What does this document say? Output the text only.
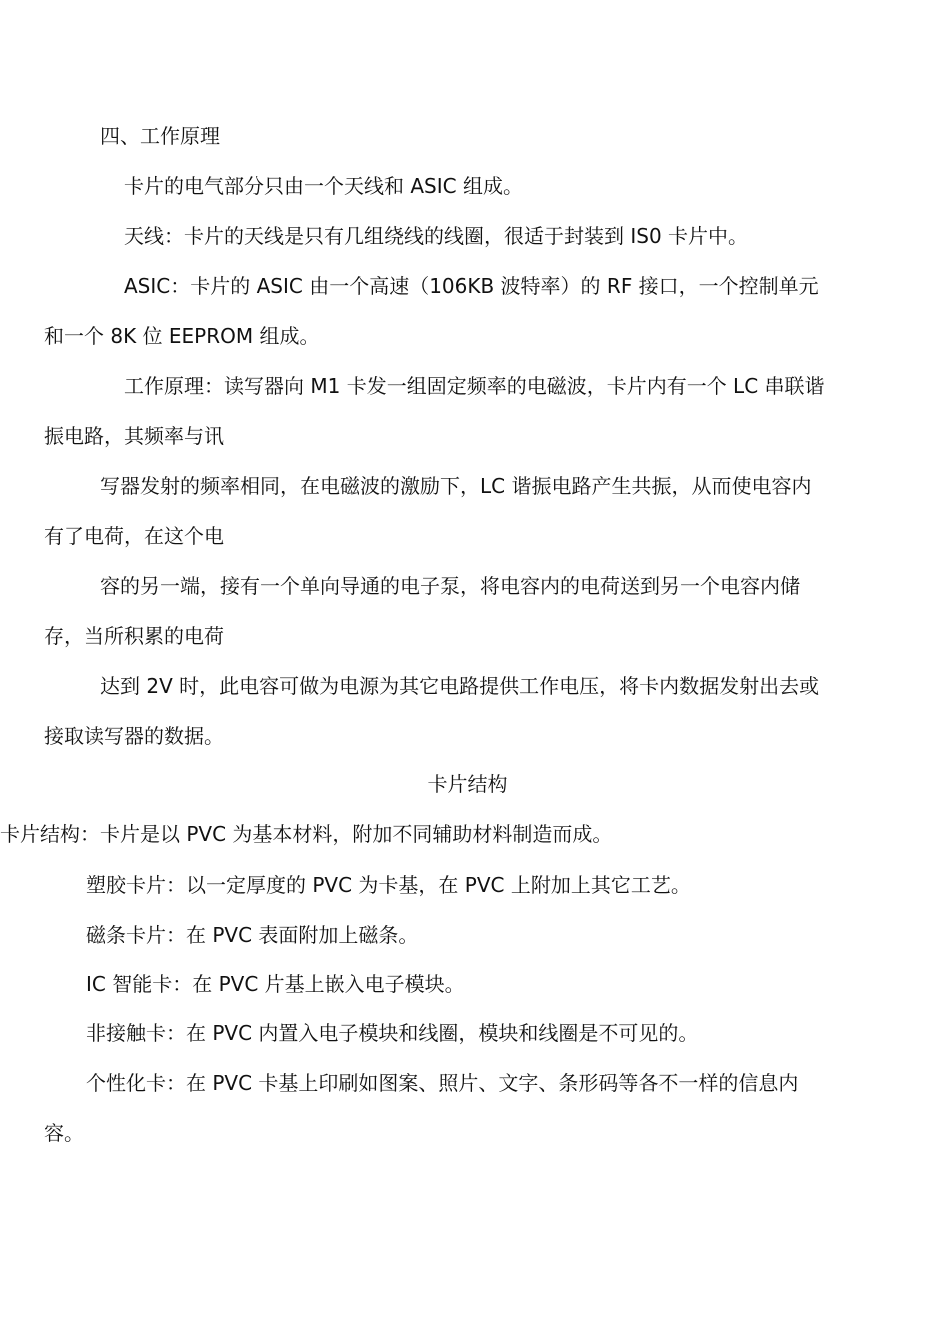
四、工作原理

卡片的电气部分只由一个天线和 ASIC 组成。

天线：卡片的天线是只有几组绕线的线圈，很适于封装到 IS0 卡片中。

ASIC：卡片的 ASIC 由一个高速（106KB 波特率）的 RF 接口，一个控制单元

和一个 8K 位 EEPROM 组成。

工作原理：读写器向 M1 卡发一组固定频率的电磁波，卡片内有一个 LC 串联谐

振电路，其频率与讯

写器发射的频率相同，在电磁波的激励下，LC 谐振电路产生共振，从而使电容内

有了电荷，在这个电

容的另一端，接有一个单向导通的电子泵，将电容内的电荷送到另一个电容内储

存，当所积累的电荷

达到 2V 时，此电容可做为电源为其它电路提供工作电压，将卡内数据发射出去或

接取读写器的数据。

卡片结构

卡片结构：卡片是以 PVC 为基本材料，附加不同辅助材料制造而成。

塑胶卡片：以一定厚度的 PVC 为卡基，在 PVC 上附加上其它工艺。

磁条卡片：在 PVC 表面附加上磁条。

IC 智能卡：在 PVC 片基上嵌入电子模块。

非接触卡：在 PVC 内置入电子模块和线圈，模块和线圈是不可见的。

个性化卡：在 PVC 卡基上印刷如图案、照片、文字、条形码等各不一样的信息内

容。
